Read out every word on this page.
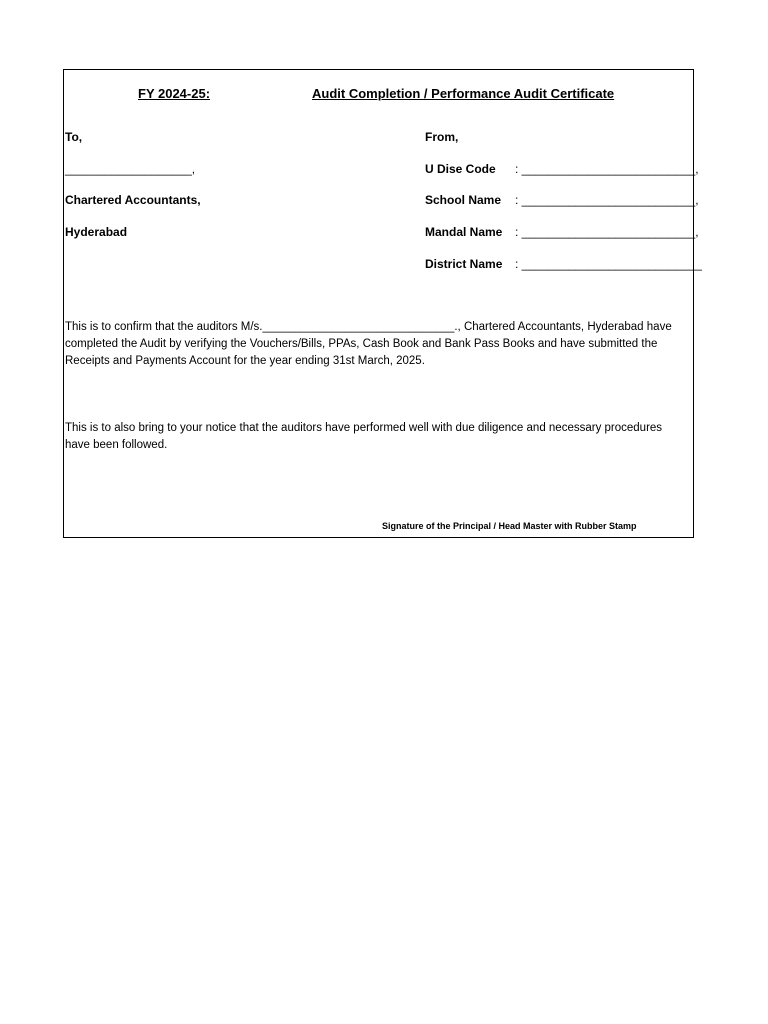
FY 2024-25:	Audit Completion / Performance Audit Certificate
To,
___________________,
Chartered Accountants,
Hyderabad
From,
U Dise Code : __________________________,
School Name : __________________________,
Mandal Name : __________________________,
District Name : ___________________________
This is to confirm that the auditors M/s.______________________________., Chartered Accountants, Hyderabad have completed the Audit by verifying the Vouchers/Bills, PPAs, Cash Book and Bank Pass Books and have submitted the Receipts and Payments Account for the year ending 31st March, 2025.
This is to also bring to your notice that the auditors have performed well with due diligence and necessary procedures have been followed.
Signature of the Principal / Head Master with Rubber Stamp
